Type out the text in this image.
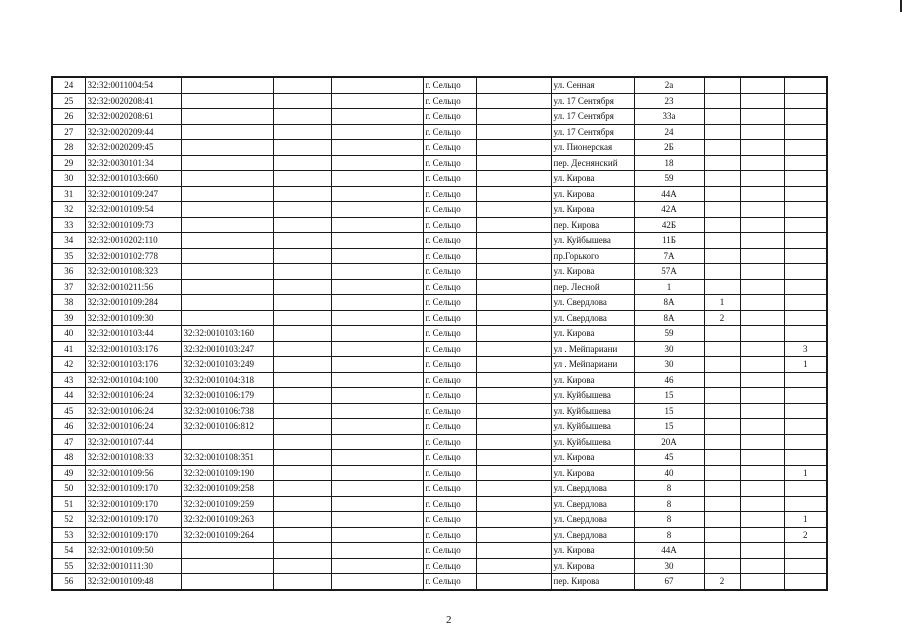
24	32:32:0011004:54				г. Сельцо		ул. Сенная	2а			
25	32:32:0020208:41				г. Сельцо		ул. 17 Сентября	23			
26	32:32:0020208:61				г. Сельцо		ул. 17 Сентября	33а			
27	32:32:0020209:44				г. Сельцо		ул. 17 Сентября	24			
28	32:32:0020209:45				г. Сельцо		ул. Пионерская	2Б			
29	32:32:0030101:34				г. Сельцо		пер. Деснянский	18			
30	32:32:0010103:660				г. Сельцо		ул. Кирова	59			
31	32:32:0010109:247				г. Сельцо		ул. Кирова	44А			
32	32:32:0010109:54				г. Сельцо		ул. Кирова	42А			
33	32:32:0010109:73				г. Сельцо		пер. Кирова	42Б			
34	32:32:0010202:110				г. Сельцо		ул. Куйбышева	11Б			
35	32:32:0010102:778				г. Сельцо		пр.Горького	7А			
36	32:32:0010108:323				г. Сельцо		ул. Кирова	57А			
37	32:32:0010211:56				г. Сельцо		пер. Лесной	1			
38	32:32:0010109:284				г. Сельцо		ул. Свердлова	8А	1		
39	32:32:0010109:30				г. Сельцо		ул. Свердлова	8А	2		
40	32:32:0010103:44	32:32:0010103:160			г. Сельцо		ул. Кирова	59			
41	32:32:0010103:176	32:32:0010103:247			г. Сельцо		ул . Мейпариани	30			3
42	32:32:0010103:176	32:32:0010103:249			г. Сельцо		ул . Мейпариани	30			1
43	32:32:0010104:100	32:32:0010104:318			г. Сельцо		ул. Кирова	46			
44	32:32:0010106:24	32:32:0010106:179			г. Сельцо		ул. Куйбышева	15			
45	32:32:0010106:24	32:32:0010106:738			г. Сельцо		ул. Куйбышева	15			
46	32:32:0010106:24	32:32:0010106:812			г. Сельцо		ул. Куйбышева	15			
47	32:32:0010107:44				г. Сельцо		ул. Куйбышева	20А			
48	32:32:0010108:33	32:32:0010108:351			г. Сельцо		ул. Кирова	45			
49	32:32:0010109:56	32:32:0010109:190			г. Сельцо		ул. Кирова	40			1
50	32:32:0010109:170	32:32:0010109:258			г. Сельцо		ул. Свердлова	8			
51	32:32:0010109:170	32:32:0010109:259			г. Сельцо		ул. Свердлова	8			
52	32:32:0010109:170	32:32:0010109:263			г. Сельцо		ул. Свердлова	8			1
53	32:32:0010109:170	32:32:0010109:264			г. Сельцо		ул. Свердлова	8			2
54	32:32:0010109:50				г. Сельцо		ул. Кирова	44А			
55	32:32:0010111:30				г. Сельцо		ул. Кирова	30			
56	32:32:0010109:48				г. Сельцо		пер. Кирова	67	2		
2
